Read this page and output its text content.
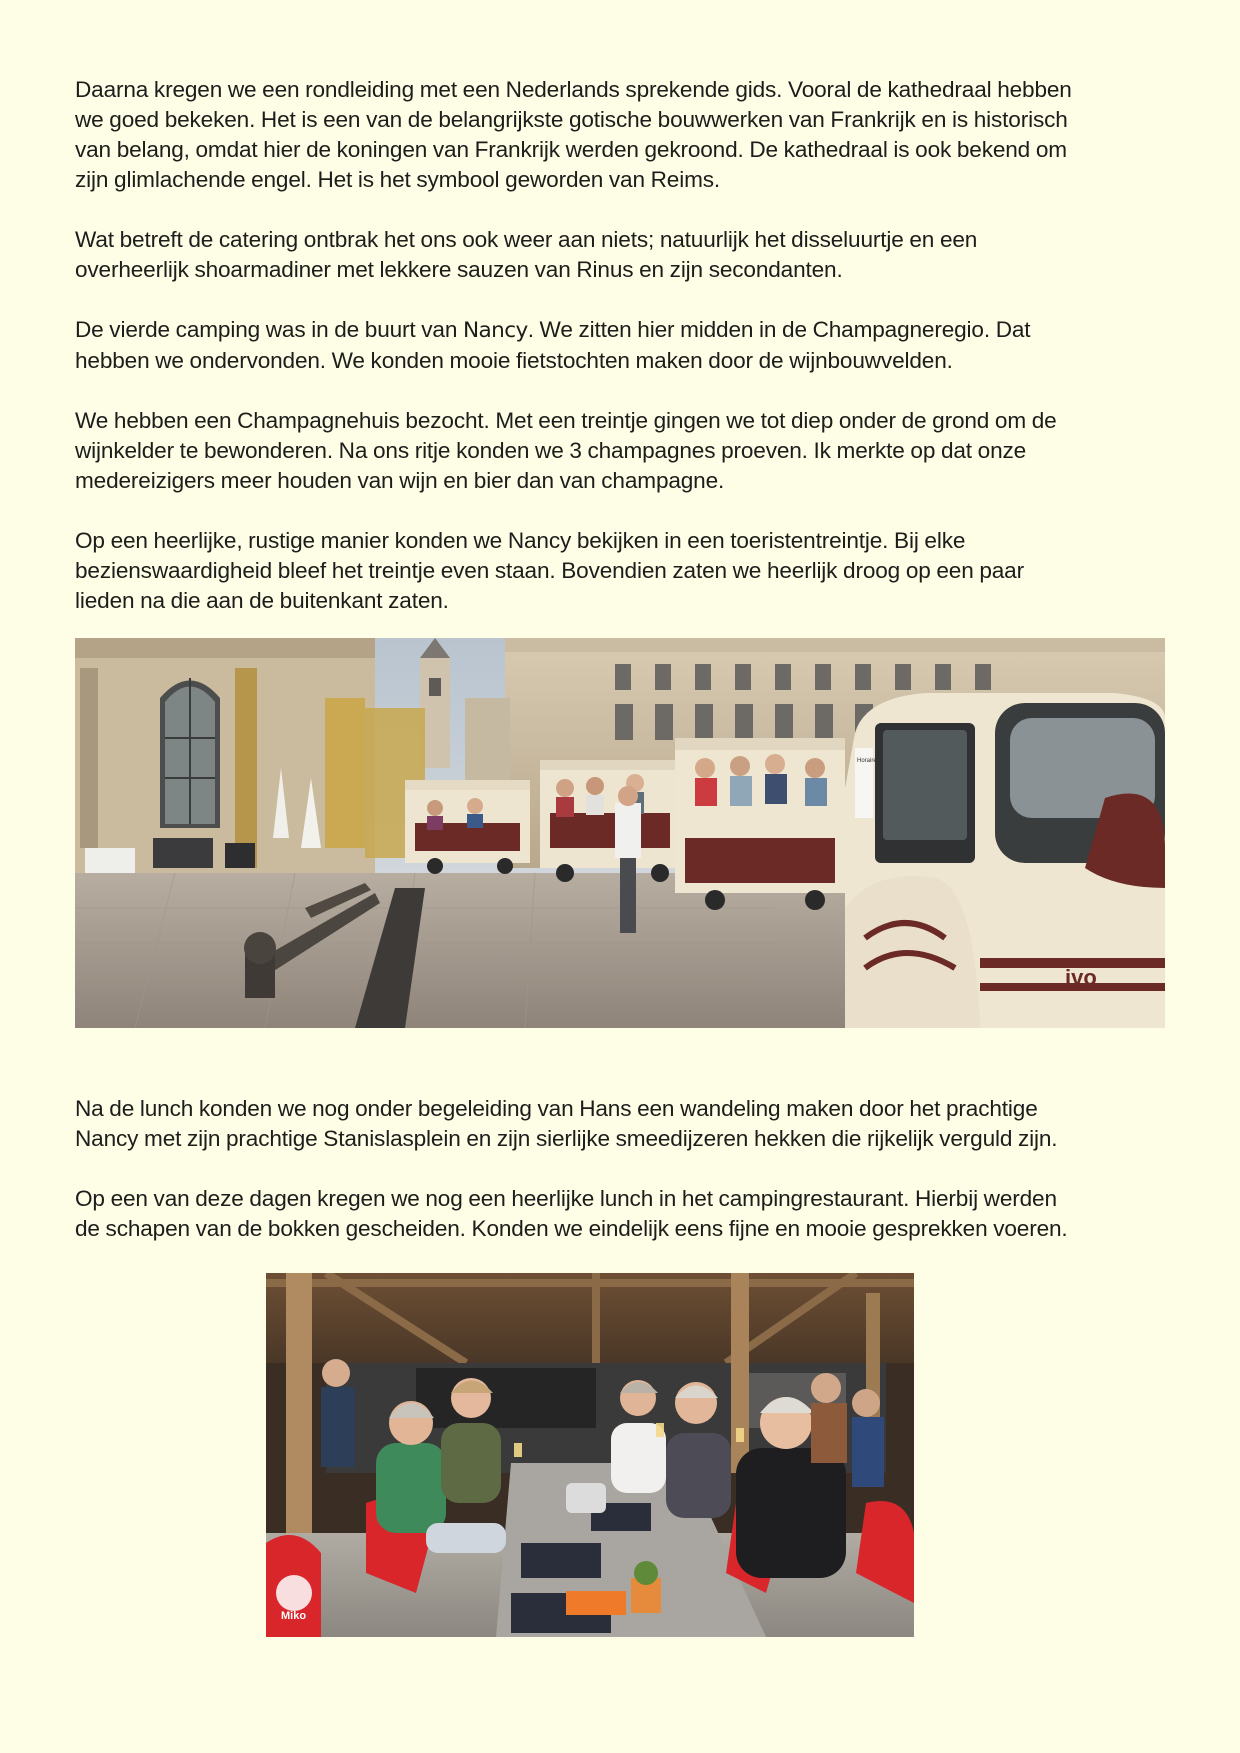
Daarna kregen we een rondleiding met een Nederlands sprekende gids. Vooral de kathedraal hebben
we goed bekeken. Het is een van de belangrijkste gotische bouwwerken van Frankrijk en is historisch
van belang, omdat hier de koningen van Frankrijk werden gekroond. De kathedraal is ook bekend om
zijn glimlachende engel. Het is het symbool geworden van Reims.

Wat betreft de catering ontbrak het ons ook weer aan niets; natuurlijk het disseluurtje en een
overheerlijk shoarmadiner met lekkere sauzen van Rinus en zijn secondanten.

De vierde camping was in de buurt van Nancy. We zitten hier midden in de Champagneregio. Dat
hebben we ondervonden. We konden mooie fietstochten maken door de wijnbouwvelden.

We hebben een Champagnehuis bezocht. Met een treintje gingen we tot diep onder de grond om de
wijnkelder te bewonderen. Na ons ritje konden we 3 champagnes proeven. Ik merkte op dat onze
medereizigers meer houden van wijn en bier dan van champagne.

Op een heerlijke, rustige manier konden we Nancy bekijken in een toeristentreintje. Bij elke
bezienswaardigheid bleef het treintje even staan. Bovendien zaten we heerlijk droog op een paar
lieden na die aan de buitenkant zaten.

Horaires
ivo

Na de lunch konden we nog onder begeleiding van Hans een wandeling maken door het prachtige
Nancy met zijn prachtige Stanislasplein en zijn sierlijke smeedijzeren hekken die rijkelijk verguld zijn.

Op een van deze dagen kregen we nog een heerlijke lunch in het campingrestaurant. Hierbij werden
de schapen van de bokken gescheiden. Konden we eindelijk eens fijne en mooie gesprekken voeren.

Miko
